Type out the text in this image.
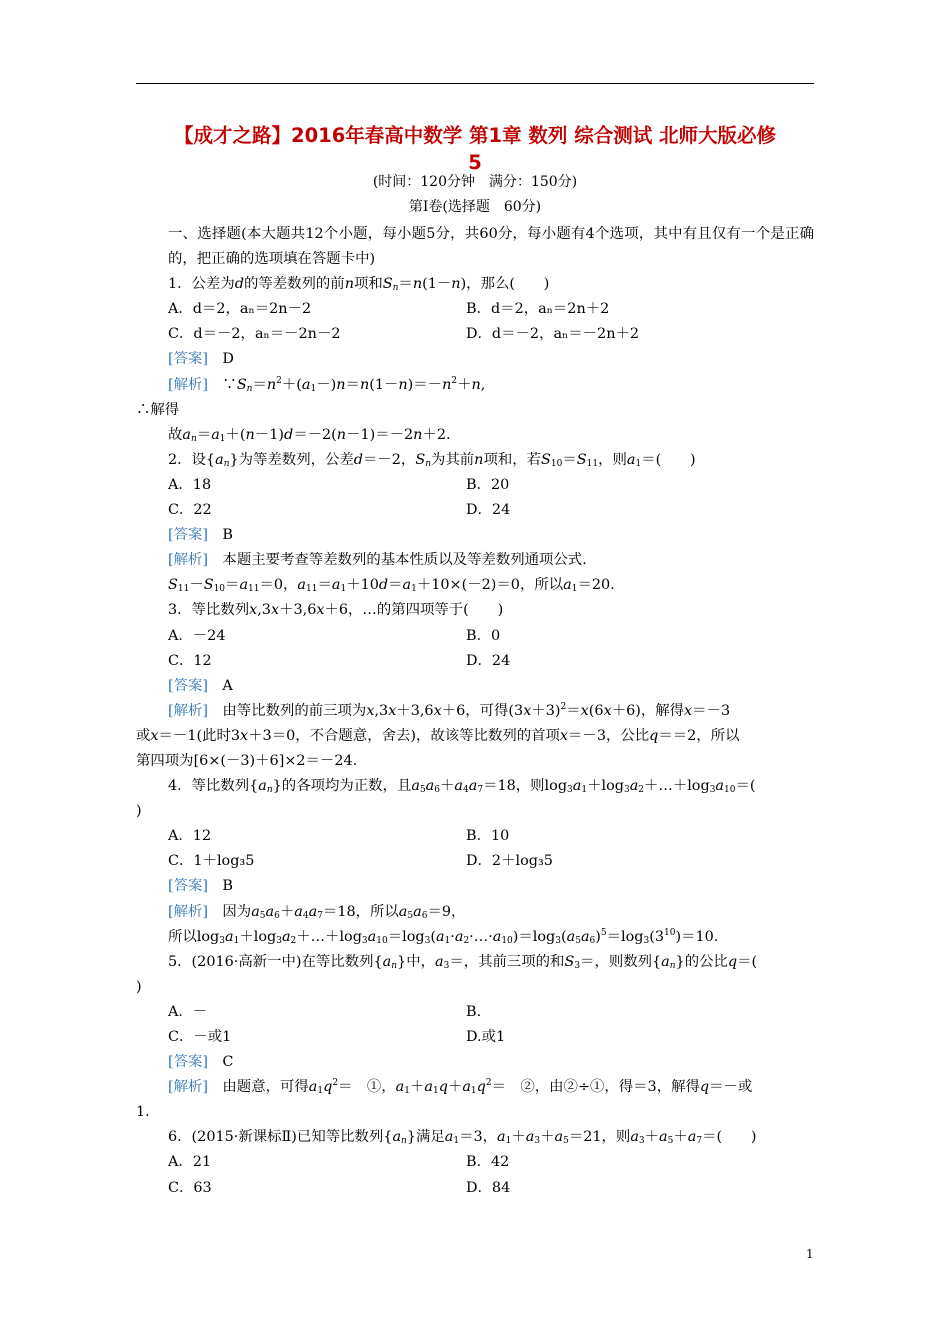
【成才之路】2016年春高中数学 第1章 数列 综合测试 北师大版必修
5
(时间：120分钟　满分：150分)
第Ⅰ卷(选择题　60分)
一、选择题(本大题共12个小题，每小题5分，共60分，每小题有4个选项，其中有且仅有一个是正确的，把正确的选项填在答题卡中)
1．公差为d的等差数列的前n项和$S_n=n(1-n)$，那么(　　)
A．d＝2，aₙ＝2n－2	B．d＝2，aₙ＝2n＋2
C．d＝－2，aₙ＝－2n－2	D．d＝－2，aₙ＝－2n＋2
[答案]　 D
[解析]　$\because S_n=n^2+(a_1-)n=n(1-n)=-n^2+n$,
∴解得
故$a_n=a_1+(n-1)d=-2(n-1)=-2n+2$.
2．设$\{a_n\}$为等差数列，公差d＝－2，$S_n$为其前n项和，若$S_{10}=S_{11}$，则$a_1=$(　　)
A．18	B．20
C．22	D．24
[答案]　 B
[解析]　 本题主要考查等差数列的基本性质以及等差数列通项公式.
$S_{11}-S_{10}=a_{11}=0$，$a_{11}=a_1+10d=a_1+10\times(-2)=0$，所以$a_1=20$.
3．等比数列x,3x＋3,6x＋6，…的第四项等于(　　)
A．－24	B．0
C．12	D．24
[答案]　 A
[解析]　由等比数列的前三项为x,3x＋3,6x＋6，可得$(3x+3)^2=x(6x+6)$，解得x＝－3
或x＝－1(此时3x＋3＝0，不合题意，舍去)，故该等比数列的首项x＝－3，公比q＝＝2，所以
第四项为[6×(－3)＋6]×2＝－24.
4．等比数列$\{a_n\}$的各项均为正数，且$a_5a_6+a_4a_7=18$，则$\log_3a_1+\log_3a_2+\dots+\log_3a_{10}=$(
)
A．12	B．10
C．1＋log₃5	D．2＋log₃5
[答案]　 B
[解析]　因为$a_5a_6+a_4a_7=18$，所以$a_5a_6=9$，
所以$\log_3a_1+\log_3a_2+\dots+\log_3a_{10}=\log_3(a_1\cdot a_2\cdot\dots\cdot a_{10})=\log_3(a_5a_6)^5=\log_3(3^{10})=10$.
5．(2016·高新一中)在等比数列$\{a_n\}$中，$a_3=$，其前三项的和$S_3=$，则数列$\{a_n\}$的公比q＝(
)
A．－	B.
C．－或1	D.或1
[答案]　 C
[解析]　由题意，可得$a_1q^2=$　①，$a_1+a_1q+a_1q^2=$　②，由②÷①，得＝3，解得q＝－或
1.
6．(2015·新课标Ⅱ)已知等比数列$\{a_n\}$满足$a_1=3$，$a_1+a_3+a_5=21$，则$a_3+a_5+a_7=$(　　)
A．21	B．42
C．63	D．84
1
